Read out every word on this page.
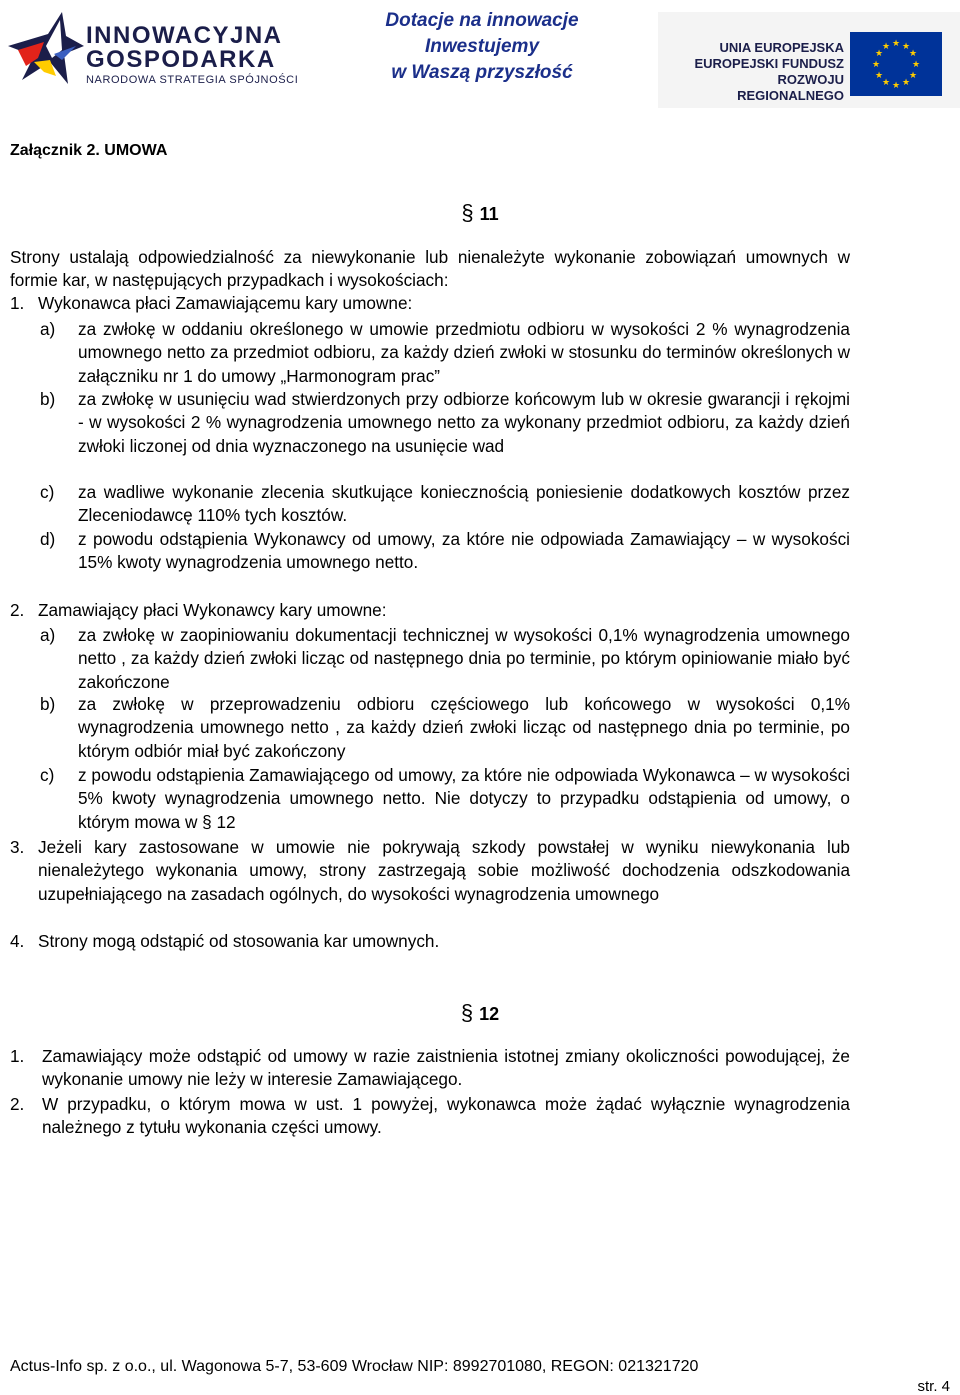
INNOWACYJNA
GOSPODARKA
NARODOWA STRATEGIA SPÓJNOŚCI
Dotacje na innowacje
Inwestujemy
w Waszą przyszłość
UNIA EUROPEJSKA
EUROPEJSKI FUNDUSZ
ROZWOJU REGIONALNEGO
★ ★
★
★
★
★
★
★
★
★
★
★
Załącznik 2. UMOWA
§ 11
Strony ustalają odpowiedzialność za niewykonanie lub nienależyte wykonanie zobowiązań umownych w formie kar, w następujących przypadkach i wysokościach:
1. Wykonawca płaci Zamawiającemu kary umowne:
a)	za zwłokę w oddaniu określonego w umowie przedmiotu odbioru w wysokości 2 % wynagrodzenia umownego netto za przedmiot odbioru, za każdy dzień zwłoki w stosunku do terminów określonych w załączniku nr 1 do umowy „Harmonogram prac”
b)	za zwłokę w usunięciu wad stwierdzonych przy odbiorze końcowym lub w okresie gwarancji i rękojmi - w wysokości 2 % wynagrodzenia umownego netto za wykonany przedmiot odbioru, za każdy dzień zwłoki liczonej od dnia wyznaczonego na usunięcie wad
c)	za wadliwe wykonanie zlecenia skutkujące koniecznością poniesienie dodatkowych kosztów przez Zleceniodawcę 110% tych kosztów.
d)	z powodu odstąpienia Wykonawcy od umowy, za które nie odpowiada Zamawiający – w wysokości 15% kwoty wynagrodzenia umownego netto.
2. Zamawiający płaci Wykonawcy kary umowne:
a)	za zwłokę w zaopiniowaniu dokumentacji technicznej w wysokości 0,1% wynagrodzenia umownego netto , za każdy dzień zwłoki licząc od następnego dnia po terminie, po którym opiniowanie miało być zakończone
b)	za zwłokę w przeprowadzeniu odbioru częściowego lub końcowego w wysokości 0,1% wynagrodzenia umownego netto , za każdy dzień zwłoki licząc od następnego dnia po terminie, po którym odbiór miał być zakończony
c)	z powodu odstąpienia Zamawiającego od umowy, za które nie odpowiada Wykonawca – w wysokości 5% kwoty wynagrodzenia umownego netto. Nie dotyczy to przypadku odstąpienia od umowy, o którym mowa w § 12
3. Jeżeli kary zastosowane w umowie nie pokrywają szkody powstałej w wyniku niewykonania lub nienależytego wykonania umowy, strony zastrzegają sobie możliwość dochodzenia odszkodowania uzupełniającego na zasadach ogólnych, do wysokości wynagrodzenia umownego
4. Strony mogą odstąpić od stosowania kar umownych.
§ 12
1.	Zamawiający może odstąpić od umowy w razie zaistnienia istotnej zmiany okoliczności powodującej, że wykonanie umowy nie leży w interesie Zamawiającego.
2.	W przypadku, o którym mowa w ust. 1 powyżej, wykonawca może żądać wyłącznie wynagrodzenia należnego z tytułu wykonania części umowy.
Actus-Info sp. z o.o., ul. Wagonowa 5-7, 53-609 Wrocław NIP: 8992701080, REGON: 021321720
str. 4
